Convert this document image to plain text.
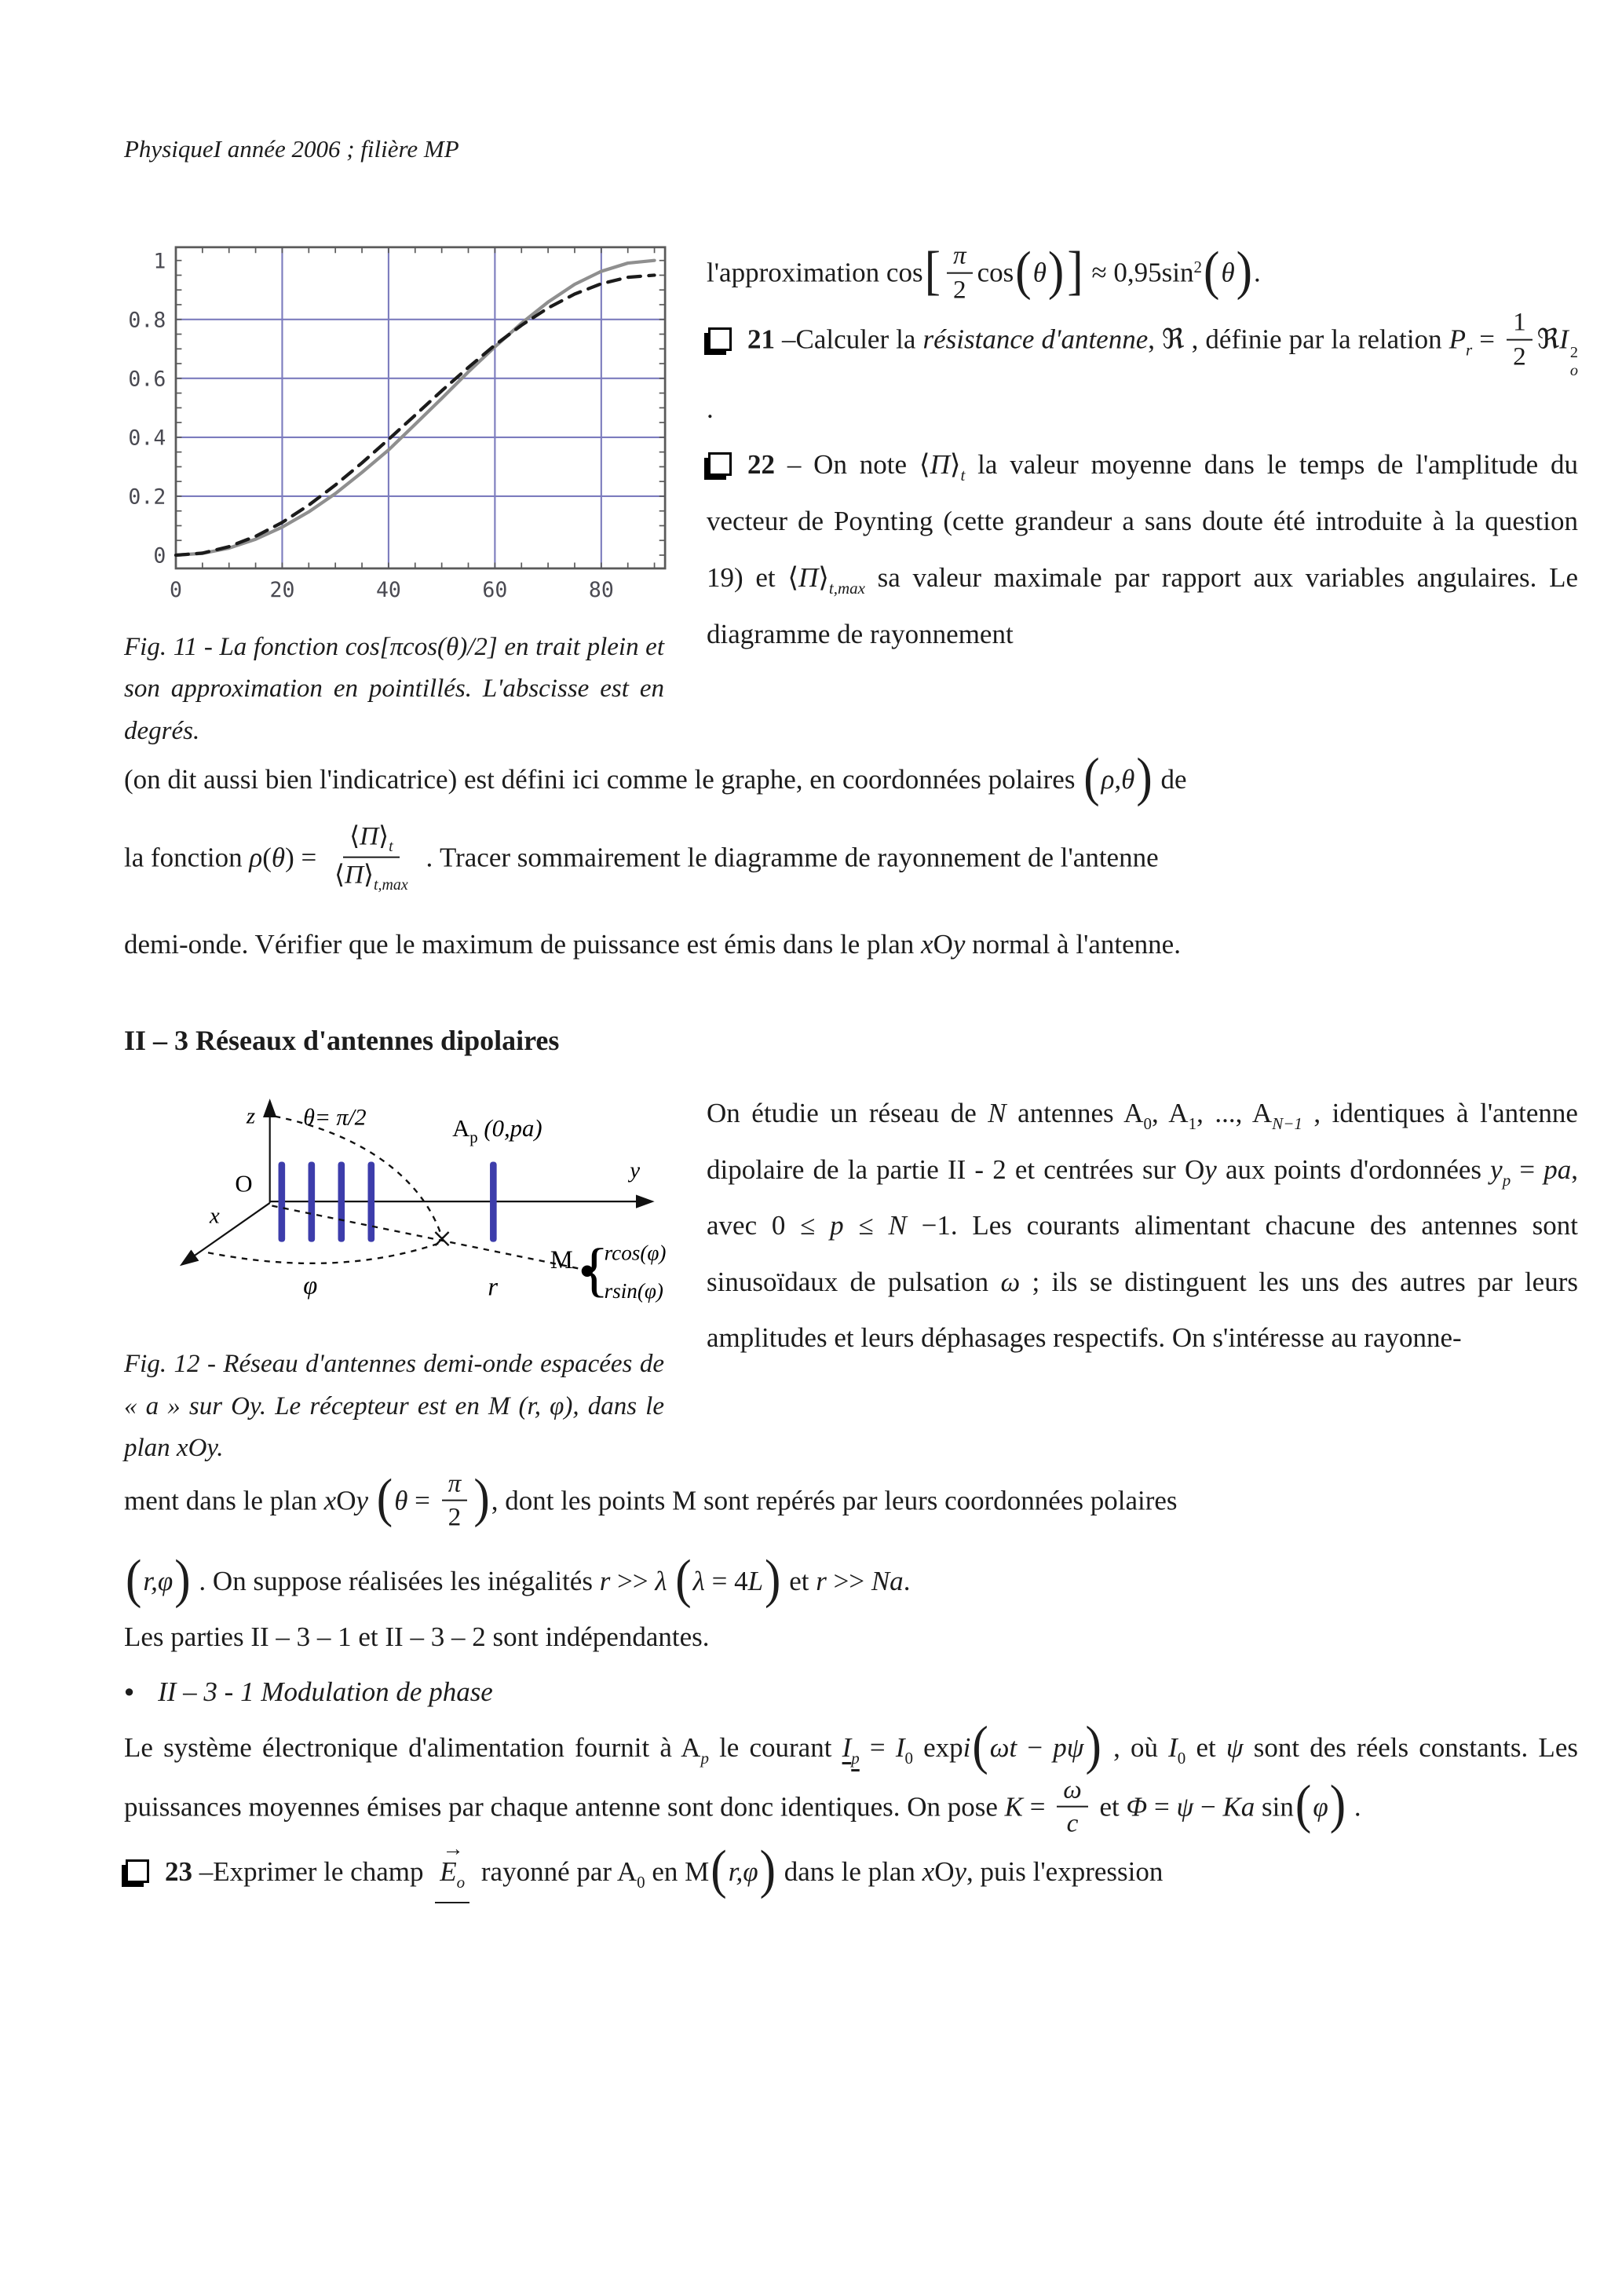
PhysiqueI année 2006 ; filière MP

0	20	40	60	80
0
0.2
0.4
0.6
0.8
1
Fig. 11 - La fonction cos[πcos(θ)/2] en trait plein et son approximation en pointillés. L'abscisse est en degrés.

l'approximation $\cos[ \frac{\pi}{2} \cos(\theta)] \approx 0,95\sin^2(\theta)$.

21 –Calculer la résistance d'antenne, ℜ , définie par la relation $P_r = \frac{1}{2}$ ℜI 2
o
.

22 – On note $⟨\Pi⟩_t$ la valeur moyenne dans le temps de l'amplitude du vecteur de Poynting (cette grandeur a sans doute été introduite à la question 19) et $⟨\Pi⟩_{t,max}$ sa valeur maximale par rapport aux variables angulaires. Le diagramme de rayonnement

(on dit aussi bien l'indicatrice) est défini ici comme le graphe, en coordonnées polaires (ρ,θ) de

la fonction $\rho(\theta) = \frac{⟨\Pi⟩_t}{⟨\Pi⟩_{t,max}}$ . Tracer sommairement le diagramme de rayonnement de l'antenne

demi-onde. Vérifier que le maximum de puissance est émis dans le plan xOy normal à l'antenne.

II – 3 Réseaux d'antennes dipolaires
z
y
x
O
θ= π/2	$A_p$ (0,pa)
M {
rcos(φ)
rsin(φ)
φ	r
Fig. 12 - Réseau d'antennes demi-onde espacées de « a » sur Oy. Le récepteur est en M (r, φ), dans le plan xOy.

On étudie un réseau de N antennes $A_0$, $A_1$, ..., $A_{N-1}$ , identiques à l'antenne dipolaire de la partie II - 2 et centrées sur Oy aux points d'ordonnées $y_p$ = pa, avec 0 ≤ p ≤ N −1. Les courants alimentant chacune des antennes sont sinusoïdaux de pulsation ω ; ils se distinguent les uns des autres par leurs amplitudes et leurs déphasages respectifs. On s'intéresse au rayonne-

ment dans le plan xOy ($\theta = \frac{\pi}{2}$ ), dont les points M sont repérés par leurs coordonnées polaires

(r,φ) . On suppose réalisées les inégalités r >> λ (λ = 4L) et r >> Na.

Les parties II – 3 – 1 et II – 3 – 2 sont indépendantes.

● II – 3 - 1 Modulation de phase

Le système électronique d'alimentation fournit à $A_p$ le courant $I_p = I_0$ expi(ωt − pψ) , où $I_0$ et ψ sont des réels constants. Les puissances moyennes émises par chaque antenne sont donc identiques. On pose $K = \frac{\omega}{c}$ et Φ = ψ − Ka sin(φ) .

23 –Exprimer le champ
→
$E_o$ rayonné par $A_0$ en M(r,φ) dans le plan xOy, puis l'expression
